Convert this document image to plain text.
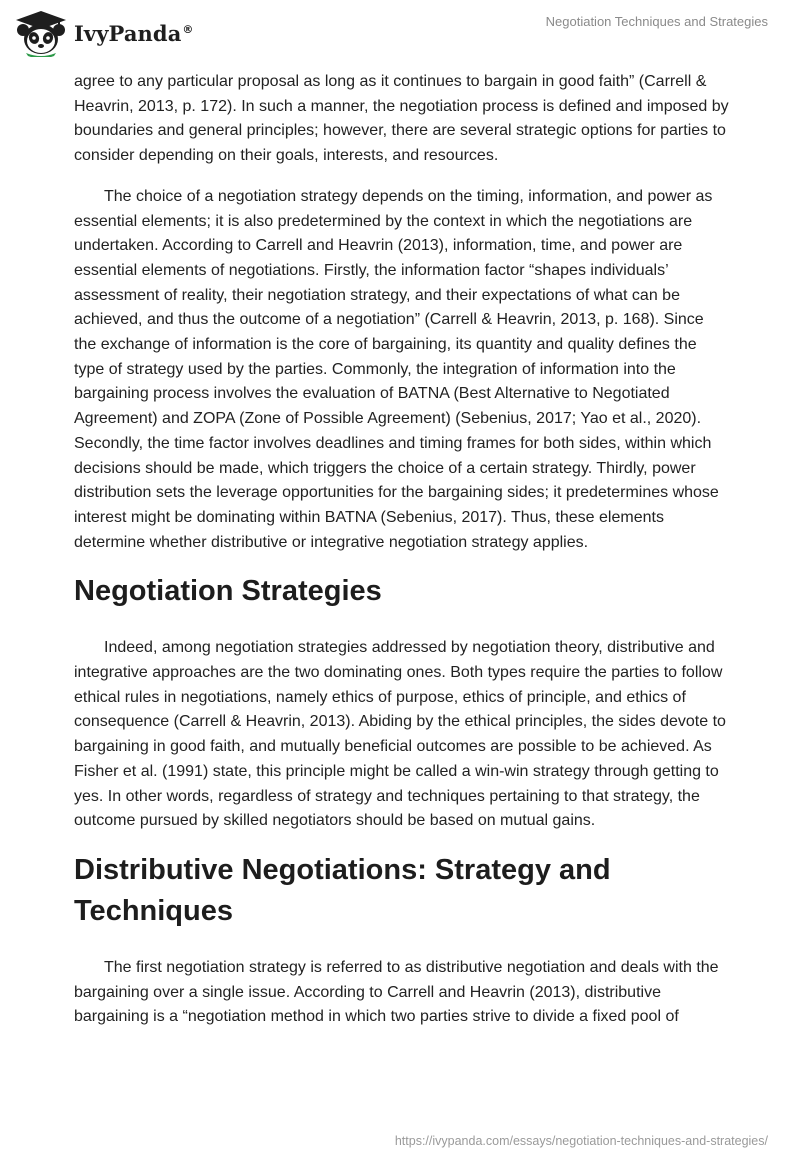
IvyPanda®	Negotiation Techniques and Strategies

agree to any particular proposal as long as it continues to bargain in good faith” (Carrell & Heavrin, 2013, p. 172). In such a manner, the negotiation process is defined and imposed by boundaries and general principles; however, there are several strategic options for parties to consider depending on their goals, interests, and resources.

The choice of a negotiation strategy depends on the timing, information, and power as essential elements; it is also predetermined by the context in which the negotiations are undertaken. According to Carrell and Heavrin (2013), information, time, and power are essential elements of negotiations. Firstly, the information factor “shapes individuals’ assessment of reality, their negotiation strategy, and their expectations of what can be achieved, and thus the outcome of a negotiation” (Carrell & Heavrin, 2013, p. 168). Since the exchange of information is the core of bargaining, its quantity and quality defines the type of strategy used by the parties. Commonly, the integration of information into the bargaining process involves the evaluation of BATNA (Best Alternative to Negotiated Agreement) and ZOPA (Zone of Possible Agreement) (Sebenius, 2017; Yao et al., 2020). Secondly, the time factor involves deadlines and timing frames for both sides, within which decisions should be made, which triggers the choice of a certain strategy. Thirdly, power distribution sets the leverage opportunities for the bargaining sides; it predetermines whose interest might be dominating within BATNA (Sebenius, 2017). Thus, these elements determine whether distributive or integrative negotiation strategy applies.

Negotiation Strategies

Indeed, among negotiation strategies addressed by negotiation theory, distributive and integrative approaches are the two dominating ones. Both types require the parties to follow ethical rules in negotiations, namely ethics of purpose, ethics of principle, and ethics of consequence (Carrell & Heavrin, 2013). Abiding by the ethical principles, the sides devote to bargaining in good faith, and mutually beneficial outcomes are possible to be achieved. As Fisher et al. (1991) state, this principle might be called a win-win strategy through getting to yes. In other words, regardless of strategy and techniques pertaining to that strategy, the outcome pursued by skilled negotiators should be based on mutual gains.

Distributive Negotiations: Strategy and Techniques

The first negotiation strategy is referred to as distributive negotiation and deals with the bargaining over a single issue. According to Carrell and Heavrin (2013), distributive bargaining is a “negotiation method in which two parties strive to divide a fixed pool of

https://ivypanda.com/essays/negotiation-techniques-and-strategies/
